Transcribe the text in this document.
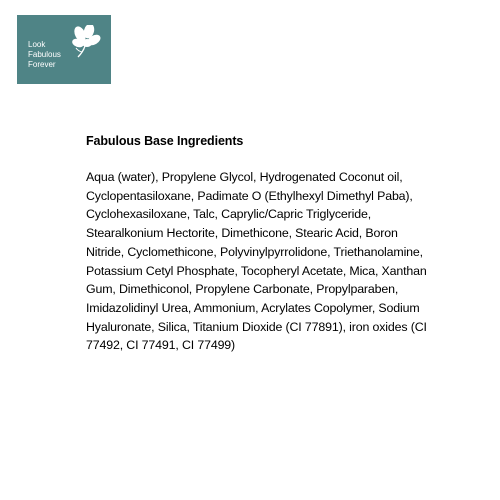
Look
Fabulous
Forever
Fabulous Base Ingredients

Aqua (water), Propylene Glycol, Hydrogenated Coconut oil, Cyclopentasiloxane, Padimate O (Ethylhexyl Dimethyl Paba), Cyclohexasiloxane, Talc, Caprylic/Capric Triglyceride, Stearalkonium Hectorite, Dimethicone, Stearic Acid, Boron Nitride, Cyclomethicone, Polyvinylpyrrolidone, Triethanolamine, Potassium Cetyl Phosphate, Tocopheryl Acetate, Mica, Xanthan Gum, Dimethiconol, Propylene Carbonate, Propylparaben, Imidazolidinyl Urea, Ammonium, Acrylates Copolymer, Sodium Hyaluronate, Silica, Titanium Dioxide (CI 77891), iron oxides (CI 77492, CI 77491, CI 77499)
